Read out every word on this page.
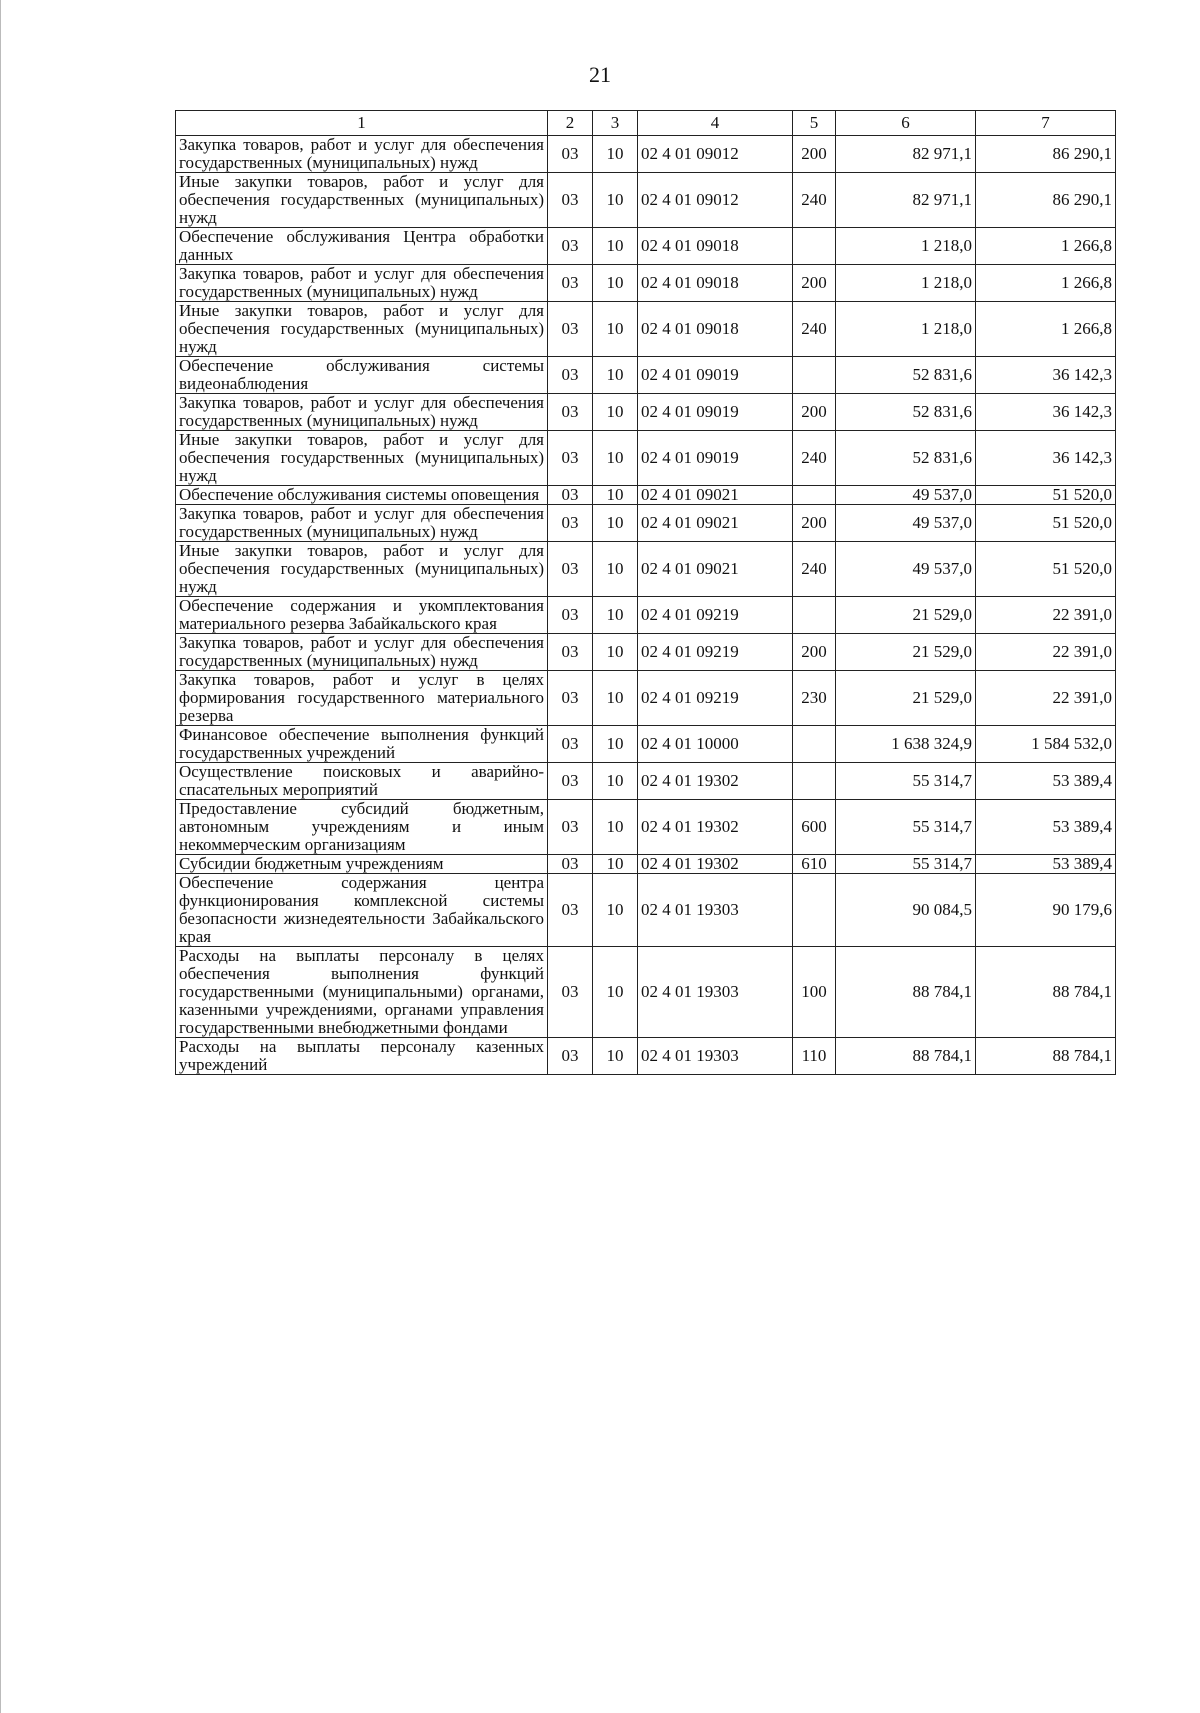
21
1	2	3	4	5	6	7
Закупка товаров, работ и услуг для обеспечения государственных (муниципальных) нужд	03	10	02 4 01 09012	200	82 971,1	86 290,1
Иные закупки товаров, работ и услуг для обеспечения государственных (муниципальных) нужд	03	10	02 4 01 09012	240	82 971,1	86 290,1
Обеспечение обслуживания Центра обработки данных	03	10	02 4 01 09018		1 218,0	1 266,8
Закупка товаров, работ и услуг для обеспечения государственных (муниципальных) нужд	03	10	02 4 01 09018	200	1 218,0	1 266,8
Иные закупки товаров, работ и услуг для обеспечения государственных (муниципальных) нужд	03	10	02 4 01 09018	240	1 218,0	1 266,8
Обеспечение обслуживания системы видеонаблюдения	03	10	02 4 01 09019		52 831,6	36 142,3
Закупка товаров, работ и услуг для обеспечения государственных (муниципальных) нужд	03	10	02 4 01 09019	200	52 831,6	36 142,3
Иные закупки товаров, работ и услуг для обеспечения государственных (муниципальных) нужд	03	10	02 4 01 09019	240	52 831,6	36 142,3
Обеспечение обслуживания системы оповещения	03	10	02 4 01 09021		49 537,0	51 520,0
Закупка товаров, работ и услуг для обеспечения государственных (муниципальных) нужд	03	10	02 4 01 09021	200	49 537,0	51 520,0
Иные закупки товаров, работ и услуг для обеспечения государственных (муниципальных) нужд	03	10	02 4 01 09021	240	49 537,0	51 520,0
Обеспечение содержания и укомплектования материального резерва Забайкальского края	03	10	02 4 01 09219		21 529,0	22 391,0
Закупка товаров, работ и услуг для обеспечения государственных (муниципальных) нужд	03	10	02 4 01 09219	200	21 529,0	22 391,0
Закупка товаров, работ и услуг в целях формирования государственного материального резерва	03	10	02 4 01 09219	230	21 529,0	22 391,0
Финансовое обеспечение выполнения функций государственных учреждений	03	10	02 4 01 10000		1 638 324,9	1 584 532,0
Осуществление поисковых и аварийно-спасательных мероприятий	03	10	02 4 01 19302		55 314,7	53 389,4
Предоставление субсидий бюджетным, автономным учреждениям и иным некоммерческим организациям	03	10	02 4 01 19302	600	55 314,7	53 389,4
Субсидии бюджетным учреждениям	03	10	02 4 01 19302	610	55 314,7	53 389,4
Обеспечение содержания центра функционирования комплексной системы безопасности жизнедеятельности Забайкальского края	03	10	02 4 01 19303		90 084,5	90 179,6
Расходы на выплаты персоналу в целях обеспечения выполнения функций государственными (муниципальными) органами, казенными учреждениями, органами управления государственными внебюджетными фондами	03	10	02 4 01 19303	100	88 784,1	88 784,1
Расходы на выплаты персоналу казенных учреждений	03	10	02 4 01 19303	110	88 784,1	88 784,1
